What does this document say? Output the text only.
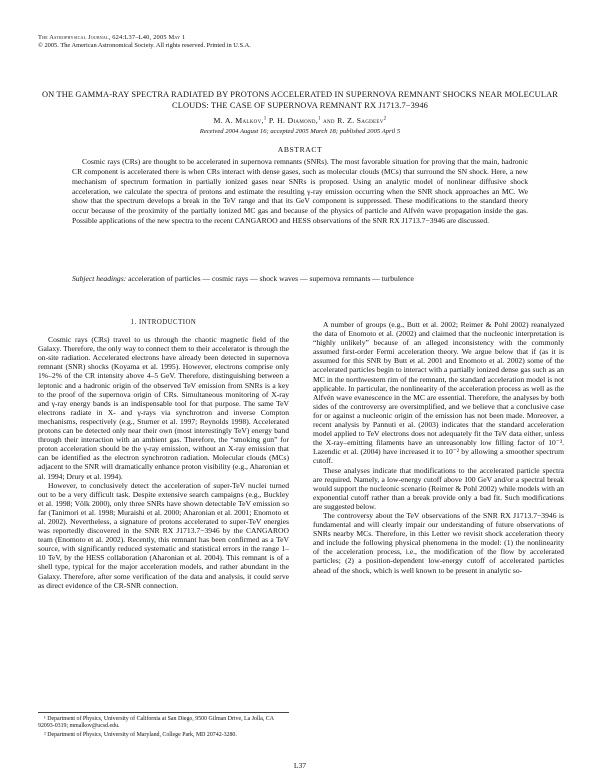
The Astrophysical Journal, 624:L37–L40, 2005 May 1
© 2005. The American Astronomical Society. All rights reserved. Printed in U.S.A.
ON THE GAMMA-RAY SPECTRA RADIATED BY PROTONS ACCELERATED IN SUPERNOVA REMNANT SHOCKS NEAR MOLECULAR CLOUDS: THE CASE OF SUPERNOVA REMNANT RX J1713.7−3946
M. A. Malkov,$^1$ P. H. Diamond,$^1$ and R. Z. Sagdeev$^2$
Received 2004 August 16; accepted 2005 March 18; published 2005 April 5
ABSTRACT
Cosmic rays (CRs) are thought to be accelerated in supernova remnants (SNRs). The most favorable situation for proving that the main, hadronic CR component is accelerated there is when CRs interact with dense gases, such as molecular clouds (MCs) that surround the SN shock. Here, a new mechanism of spectrum formation in partially ionized gases near SNRs is proposed. Using an analytic model of nonlinear diffusive shock acceleration, we calculate the spectra of protons and estimate the resulting γ-ray emission occurring when the SNR shock approaches an MC. We show that the spectrum develops a break in the TeV range and that its GeV component is suppressed. These modifications to the standard theory occur because of the proximity of the partially ionized MC gas and because of the physics of particle and Alfvén wave propagation inside the gas. Possible applications of the new spectra to the recent CANGAROO and HESS observations of the SNR RX J1713.7−3946 are discussed.
Subject headings: acceleration of particles — cosmic rays — shock waves — supernova remnants — turbulence
1. INTRODUCTION

Cosmic rays (CRs) travel to us through the chaotic magnetic field of the Galaxy. Therefore, the only way to connect them to their accelerator is through the on-site radiation. Accelerated electrons have already been detected in supernova remnant (SNR) shocks (Koyama et al. 1995). However, electrons comprise only 1%–2% of the CR intensity above 4–5 GeV. Therefore, distinguishing between a leptonic and a hadronic origin of the observed TeV emission from SNRs is a key to the proof of the supernova origin of CRs. Simultaneous monitoring of X-ray and γ-ray energy bands is an indispensable tool for that purpose. The same TeV electrons radiate in X- and γ-rays via synchrotron and inverse Compton mechanisms, respectively (e.g., Sturner et al. 1997; Reynolds 1998). Accelerated protons can be detected only near their own (most interestingly TeV) energy band through their interaction with an ambient gas. Therefore, the “smoking gun” for proton acceleration should be the γ-ray emission, without an X-ray emission that can be identified as the electron synchrotron radiation. Molecular clouds (MCs) adjacent to the SNR will dramatically enhance proton visibility (e.g., Aharonian et al. 1994; Drury et al. 1994).

However, to conclusively detect the acceleration of super-TeV nuclei turned out to be a very difficult task. Despite extensive search campaigns (e.g., Buckley et al. 1998; Völk 2000), only three SNRs have shown detectable TeV emission so far (Tanimori et al. 1998; Muraishi et al. 2000; Aharonian et al. 2001; Enomoto et al. 2002). Nevertheless, a signature of protons accelerated to super-TeV energies was reportedly discovered in the SNR RX J1713.7−3946 by the CANGAROO team (Enomoto et al. 2002). Recently, this remnant has been confirmed as a TeV source, with significantly reduced systematic and statistical errors in the range 1–10 TeV, by the HESS collaboration (Aharonian et al. 2004). This remnant is of a shell type, typical for the major acceleration models, and rather abundant in the Galaxy. Therefore, after some verification of the data and analysis, it could serve as direct evidence of the CR-SNR connection.

A number of groups (e.g., Butt et al. 2002; Reimer & Pohl 2002) reanalyzed the data of Enomoto et al. (2002) and claimed that the nucleonic interpretation is “highly unlikely” because of an alleged inconsistency with the commonly assumed first-order Fermi acceleration theory. We argue below that if (as it is assumed for this SNR by Butt et al. 2001 and Enomoto et al. 2002) some of the accelerated particles begin to interact with a partially ionized dense gas such as an MC in the northwestern rim of the remnant, the standard acceleration model is not applicable. In particular, the nonlinearity of the acceleration process as well as the Alfvén wave evanescence in the MC are essential. Therefore, the analyses by both sides of the controversy are oversimplified, and we believe that a conclusive case for or against a nucleonic origin of the emission has not been made. Moreover, a recent analysis by Pannuti et al. (2003) indicates that the standard acceleration model applied to TeV electrons does not adequately fit the TeV data either, unless the X-ray–emitting filaments have an unreasonably low filling factor of 10⁻³. Lazendic et al. (2004) have increased it to 10⁻² by allowing a smoother spectrum cutoff.

These analyses indicate that modifications to the accelerated particle spectra are required. Namely, a low-energy cutoff above 100 GeV and/or a spectral break would support the nucleonic scenario (Reimer & Pohl 2002) while models with an exponential cutoff rather than a break provide only a bad fit. Such modifications are suggested below.

The controversy about the TeV observations of the SNR RX J1713.7−3946 is fundamental and will clearly impair our understanding of future observations of SNRs nearby MCs. Therefore, in this Letter we revisit shock acceleration theory and include the following physical phenomena in the model: (1) the nonlinearity of the acceleration process, i.e., the modification of the flow by accelerated particles; (2) a position-dependent low-energy cutoff of accelerated particles ahead of the shock, which is well known to be present in analytic so-

¹ Department of Physics, University of California at San Diego, 9500 Gilman Drive, La Jolla, CA 92093-0319; mmalkov@ucsd.edu.

² Department of Physics, University of Maryland, College Park, MD 20742-3280.

L37
